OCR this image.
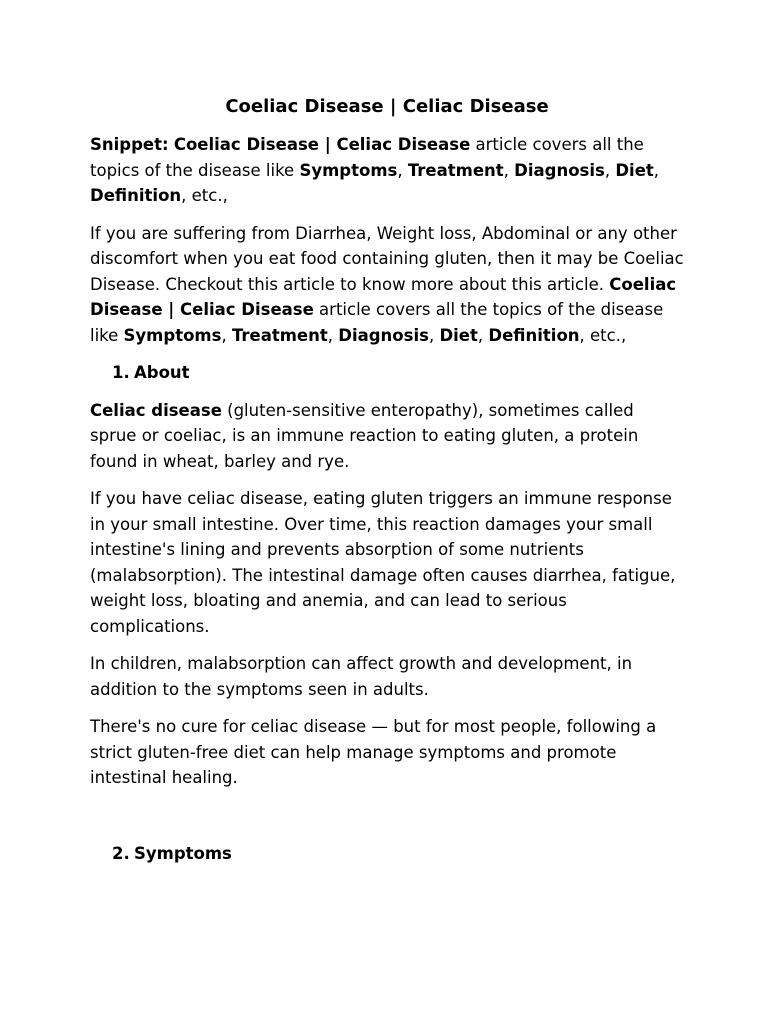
Coeliac Disease | Celiac Disease

Snippet: Coeliac Disease | Celiac Disease article covers all the topics of the disease like Symptoms, Treatment, Diagnosis, Diet, Definition, etc.,

If you are suffering from Diarrhea, Weight loss, Abdominal or any other discomfort when you eat food containing gluten, then it may be Coeliac Disease. Checkout this article to know more about this article. Coeliac Disease | Celiac Disease article covers all the topics of the disease like Symptoms, Treatment, Diagnosis, Diet, Definition, etc.,

1. About

Celiac disease (gluten-sensitive enteropathy), sometimes called sprue or coeliac, is an immune reaction to eating gluten, a protein found in wheat, barley and rye.

If you have celiac disease, eating gluten triggers an immune response in your small intestine. Over time, this reaction damages your small intestine's lining and prevents absorption of some nutrients (malabsorption). The intestinal damage often causes diarrhea, fatigue, weight loss, bloating and anemia, and can lead to serious complications.

In children, malabsorption can affect growth and development, in addition to the symptoms seen in adults.

There's no cure for celiac disease — but for most people, following a strict gluten-free diet can help manage symptoms and promote intestinal healing.

2. Symptoms
